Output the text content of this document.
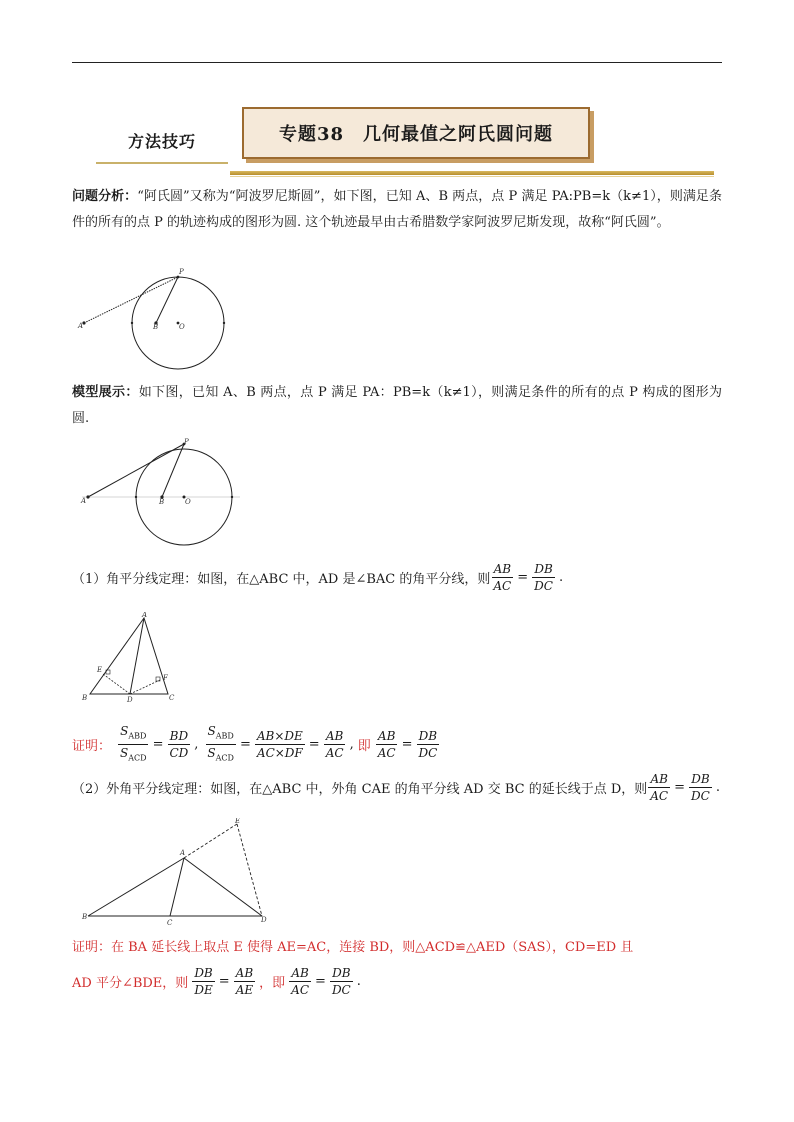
方法技巧	专题38　几何最值之阿氏圆问题
问题分析：“阿氏圆”又称为“阿波罗尼斯圆”，如下图，已知 A、B 两点，点 P 满足 PA:PB=k（k≠1），则满足条件的所有的点 P 的轨迹构成的图形为圆. 这个轨迹最早由古希腊数学家阿波罗尼斯发现，故称“阿氏圆”。
A	B	O
P
模型展示：如下图，已知 A、B 两点，点 P 满足 PA：PB=k（k≠1），则满足条件的所有的点 P 构成的图形为圆.
A	B	O
P
（1）角平分线定理：如图，在△ABC 中，AD 是∠BAC 的角平分线，则 $\frac{AB}{AC} = \frac{DB}{DC}$ .
A
B	C
D
E
F
证明： $\frac{S_{ABD}}{S_{ACD}} = \frac{BD}{CD}$ , $\frac{S_{ABD}}{S_{ACD}} = \frac{AB\times DE}{AC\times DF} = \frac{AB}{AC}$ , 即 $\frac{AB}{AC} = \frac{DB}{DC}$
（2）外角平分线定理：如图，在△ABC 中，外角 CAE 的角平分线 AD 交 BC 的延长线于点 D，则 $\frac{AB}{AC} = \frac{DB}{DC}$ .
A
B
C	D
E
证明：在 BA 延长线上取点 E 使得 AE=AC，连接 BD，则△ACD≌△AED（SAS），CD=ED 且
AD 平分∠BDE，则 $\frac{DB}{DE} = \frac{AB}{AE}$ ，即 $\frac{AB}{AC} = \frac{DB}{DC}$ .
